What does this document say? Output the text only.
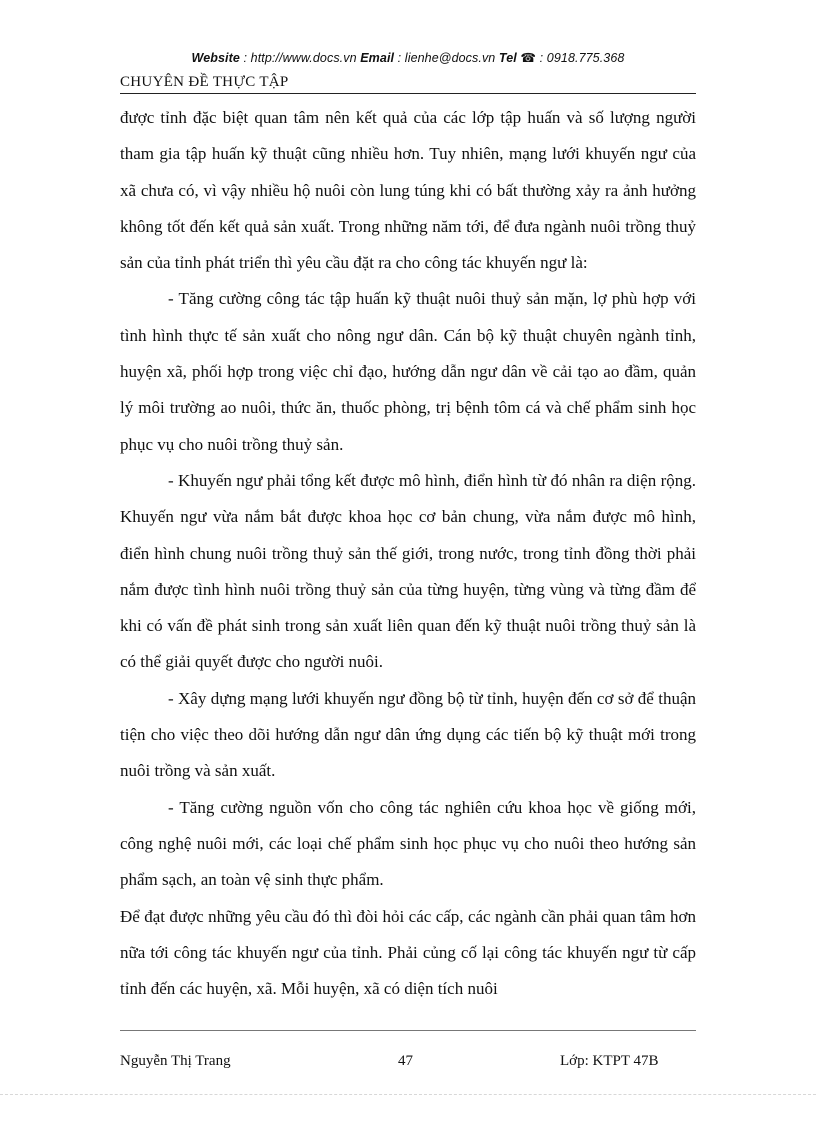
Website : http://www.docs.vn Email : lienhe@docs.vn Tel ☎ : 0918.775.368
CHUYÊN ĐỀ THỰC TẬP

được tỉnh đặc biệt quan tâm nên kết quả của các lớp tập huấn và số lượng người tham gia tập huấn kỹ thuật cũng nhiều hơn. Tuy nhiên, mạng lưới khuyến ngư của xã chưa có, vì vậy nhiều hộ nuôi còn lung túng khi có bất thường xảy ra ảnh hưởng không tốt đến kết quả sản xuất. Trong những năm tới, để đưa ngành nuôi trồng thuỷ sản của tỉnh phát triển thì yêu cầu đặt ra cho công tác khuyến ngư là:

- Tăng cường công tác tập huấn kỹ thuật nuôi thuỷ sản mặn, lợ phù hợp với tình hình thực tế sản xuất cho nông ngư dân. Cán bộ kỹ thuật chuyên ngành tỉnh, huyện xã, phối hợp trong việc chỉ đạo, hướng dẫn ngư dân về cải tạo ao đầm, quản lý môi trường ao nuôi, thức ăn, thuốc phòng, trị bệnh tôm cá và chế phẩm sinh học phục vụ cho nuôi trồng thuỷ sản.

- Khuyến ngư phải tổng kết được mô hình, điển hình từ đó nhân ra diện rộng. Khuyến ngư vừa nắm bắt được khoa học cơ bản chung, vừa nắm được mô hình, điển hình chung nuôi trồng thuỷ sản thế giới, trong nước, trong tỉnh đồng thời phải nắm được tình hình nuôi trồng thuỷ sản của từng huyện, từng vùng và từng đầm để khi có vấn đề phát sinh trong sản xuất liên quan đến kỹ thuật nuôi trồng thuỷ sản là có thể giải quyết được cho người nuôi.

- Xây dựng mạng lưới khuyến ngư đồng bộ từ tỉnh, huyện đến cơ sở để thuận tiện cho việc theo dõi hướng dẫn ngư dân ứng dụng các tiến bộ kỹ thuật mới trong nuôi trồng và sản xuất.

- Tăng cường nguồn vốn cho công tác nghiên cứu khoa học về giống mới, công nghệ nuôi mới, các loại chế phẩm sinh học phục vụ cho nuôi theo hướng sản phẩm sạch, an toàn vệ sinh thực phẩm.

Để đạt được những yêu cầu đó thì đòi hỏi các cấp, các ngành cần phải quan tâm hơn nữa tới công tác khuyến ngư của tỉnh. Phải củng cố lại công tác khuyến ngư từ cấp tỉnh đến các huyện, xã. Mỗi huyện, xã có diện tích nuôi

Nguyễn Thị Trang	47	Lớp: KTPT 47B
